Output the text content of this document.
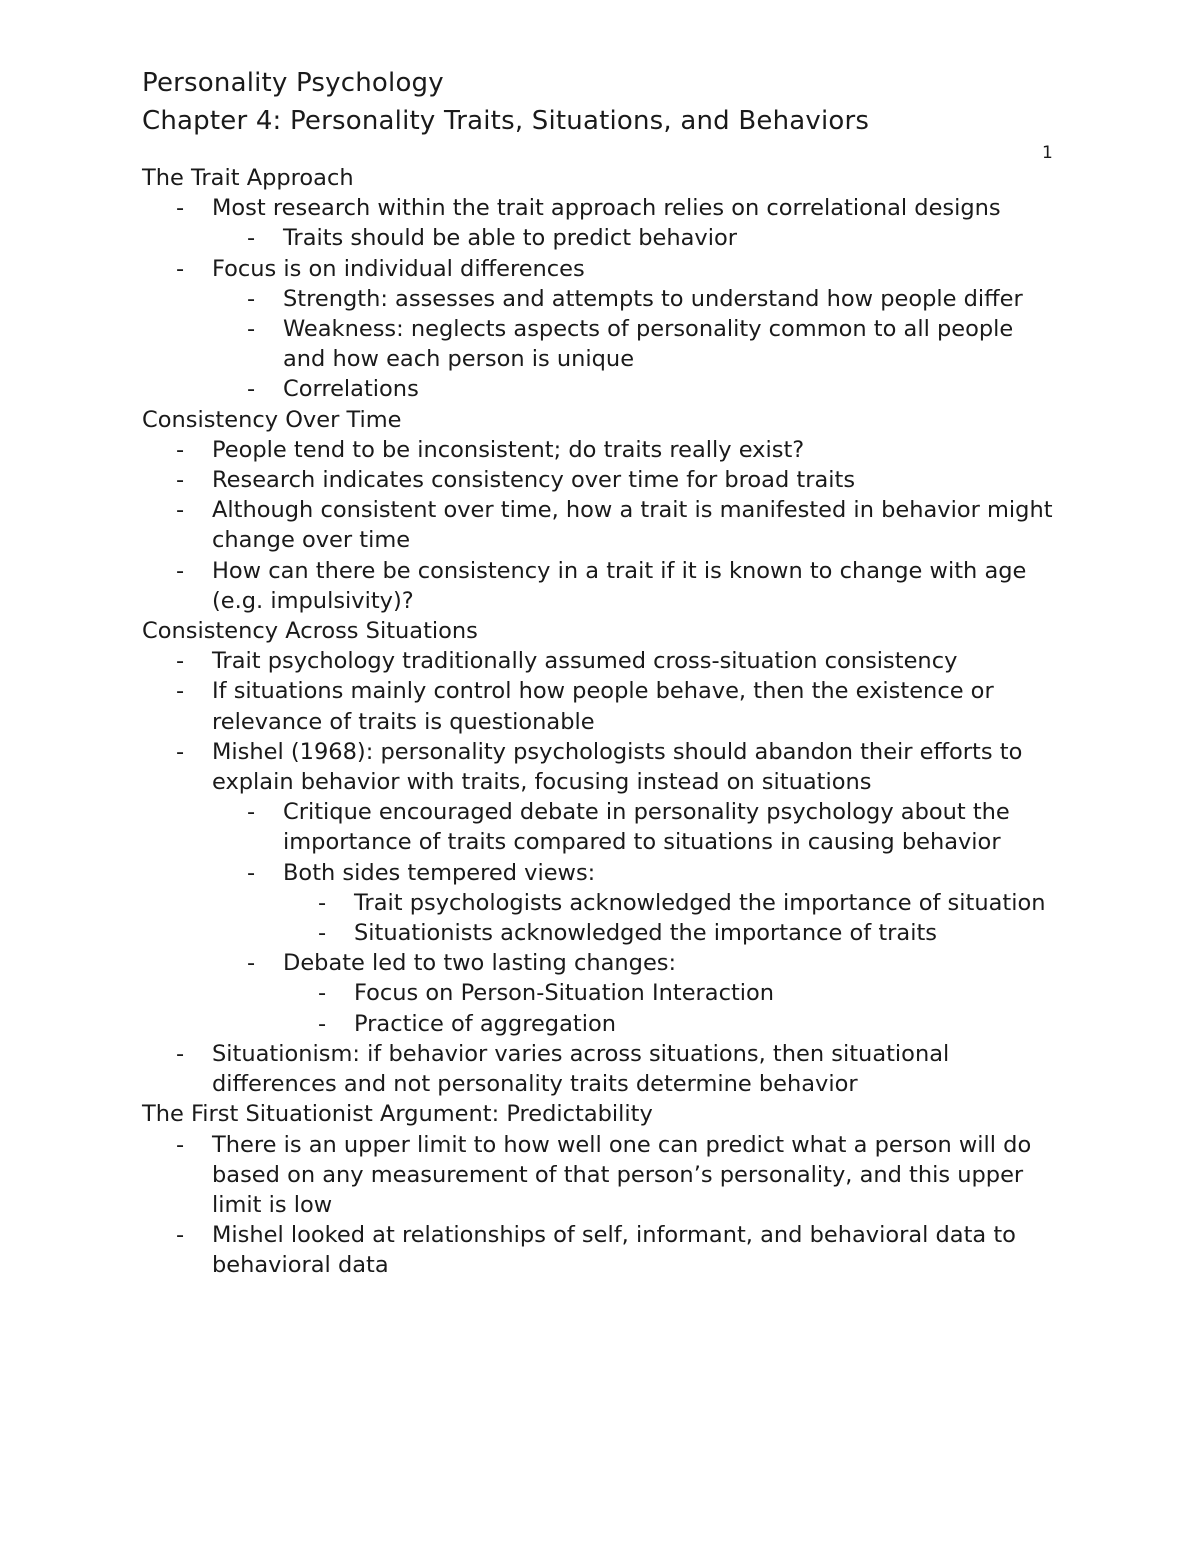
Personality Psychology
Chapter 4: Personality Traits, Situations, and Behaviors
1
The Trait Approach
- Most research within the trait approach relies on correlational designs
- Traits should be able to predict behavior
- Focus is on individual differences
- Strength: assesses and attempts to understand how people differ
- Weakness: neglects aspects of personality common to all people and how each person is unique
- Correlations
Consistency Over Time
- People tend to be inconsistent; do traits really exist?
- Research indicates consistency over time for broad traits
- Although consistent over time, how a trait is manifested in behavior might change over time
- How can there be consistency in a trait if it is known to change with age (e.g. impulsivity)?
Consistency Across Situations
- Trait psychology traditionally assumed cross-situation consistency
- If situations mainly control how people behave, then the existence or relevance of traits is questionable
- Mishel (1968): personality psychologists should abandon their efforts to explain behavior with traits, focusing instead on situations
- Critique encouraged debate in personality psychology about the importance of traits compared to situations in causing behavior
- Both sides tempered views:
- Trait psychologists acknowledged the importance of situation
- Situationists acknowledged the importance of traits
- Debate led to two lasting changes:
- Focus on Person-Situation Interaction
- Practice of aggregation
- Situationism: if behavior varies across situations, then situational differences and not personality traits determine behavior
The First Situationist Argument: Predictability
- There is an upper limit to how well one can predict what a person will do based on any measurement of that person’s personality, and this upper limit is low
- Mishel looked at relationships of self, informant, and behavioral data to behavioral data
